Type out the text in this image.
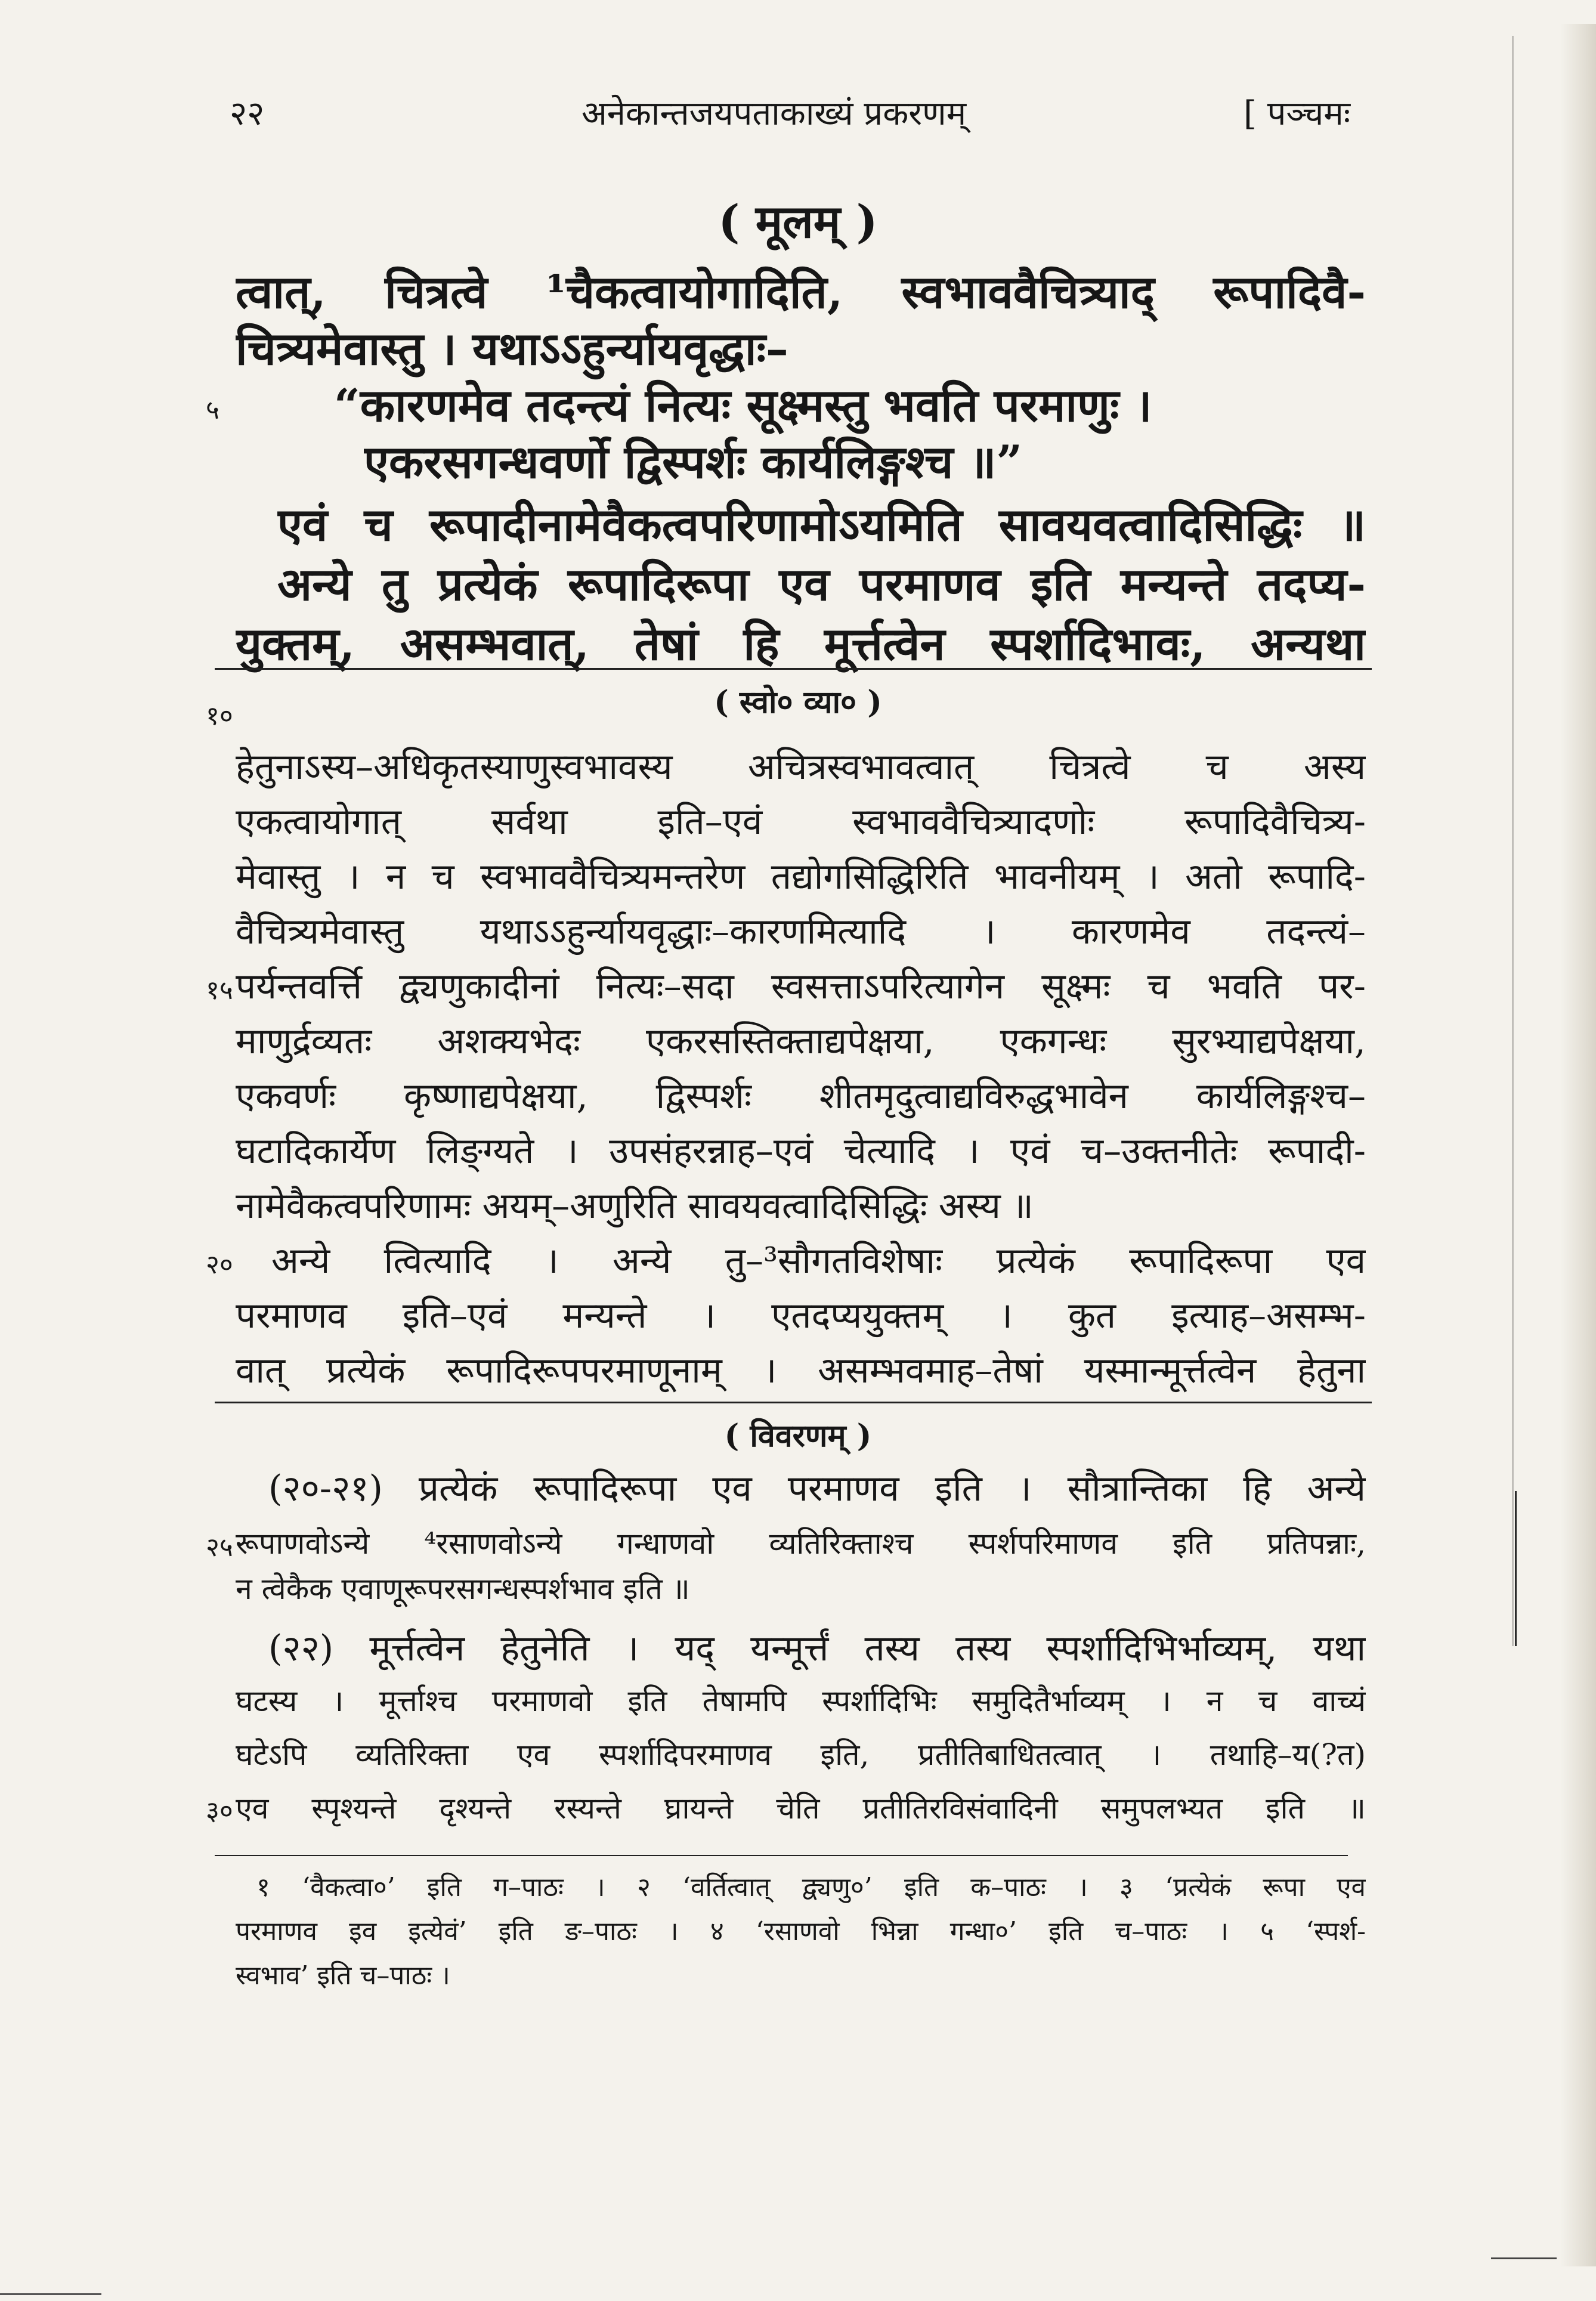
२२	अनेकान्तजयपताकाख्यं प्रकरणम्	[ पञ्चमः
( मूलम् )
त्वात्, चित्रत्वे ¹चैकत्वायोगादिति, स्वभाववैचित्र्याद् रूपादिवै-
चित्र्यमेवास्तु । यथाऽऽहुर्न्यायवृद्धाः–
५	“कारणमेव तदन्त्यं नित्यः सूक्ष्मस्तु भवति परमाणुः ।
एकरसगन्धवर्णो द्विस्पर्शः कार्यलिङ्गश्च ॥”
एवं च रूपादीनामेवैकत्वपरिणामोऽयमिति सावयवत्वादिसिद्धिः ॥
अन्ये तु प्रत्येकं रूपादिरूपा एव परमाणव इति मन्यन्ते तदप्य-
युक्तम्, असम्भवात्, तेषां हि मूर्त्तत्वेन स्पर्शादिभावः, अन्यथा
( स्वो० व्या० )
१०
हेतुनाऽस्य–अधिकृतस्याणुस्वभावस्य अचित्रस्वभावत्वात् चित्रत्वे च अस्य
एकत्वायोगात् सर्वथा इति–एवं स्वभाववैचित्र्यादणोः रूपादिवैचित्र्य-
मेवास्तु । न च स्वभाववैचित्र्यमन्तरेण तद्योगसिद्धिरिति भावनीयम् । अतो रूपादि-
वैचित्र्यमेवास्तु यथाऽऽहुर्न्यायवृद्धाः–कारणमित्यादि । कारणमेव तदन्त्यं–
१५ पर्यन्तवर्त्ति द्व्यणुकादीनां नित्यः–सदा स्वसत्ताऽपरित्यागेन सूक्ष्मः च भवति पर-
माणुर्द्रव्यतः अशक्यभेदः एकरसस्तिक्ताद्यपेक्षया, एकगन्धः सुरभ्याद्यपेक्षया,
एकवर्णः कृष्णाद्यपेक्षया, द्विस्पर्शः शीतमृदुत्वाद्यविरुद्धभावेन कार्यलिङ्गश्च–
घटादिकार्येण लिङ्ग्यते । उपसंहरन्नाह–एवं चेत्यादि । एवं च–उक्तनीतेः रूपादी-
नामेवैकत्वपरिणामः अयम्–अणुरिति सावयवत्वादिसिद्धिः अस्य ॥
२० अन्ये त्वित्यादि । अन्ये तु–³सौगतविशेषाः प्रत्येकं रूपादिरूपा एव
परमाणव इति–एवं मन्यन्ते । एतदप्ययुक्तम् । कुत इत्याह–असम्भ-
वात् प्रत्येकं रूपादिरूपपरमाणूनाम् । असम्भवमाह–तेषां यस्मान्मूर्त्तत्वेन हेतुना
( विवरणम् )
(२०-२१) प्रत्येकं रूपादिरूपा एव परमाणव इति । सौत्रान्तिका हि अन्ये
२५ रूपाणवोऽन्ये ⁴रसाणवोऽन्ये गन्धाणवो व्यतिरिक्ताश्च स्पर्शपरिमाणव इति प्रतिपन्नाः,
न त्वेकैक एवाणूरूपरसगन्धस्पर्शभाव इति ॥
(२२) मूर्त्तत्वेन हेतुनेति । यद् यन्मूर्त्तं तस्य तस्य स्पर्शादिभिर्भाव्यम्, यथा
घटस्य । मूर्त्ताश्च परमाणवो इति तेषामपि स्पर्शादिभिः समुदितैर्भाव्यम् । न च वाच्यं
घटेऽपि व्यतिरिक्ता एव स्पर्शादिपरमाणव इति, प्रतीतिबाधितत्वात् । तथाहि–य(?त)
३० एव स्पृश्यन्ते दृश्यन्ते रस्यन्ते घ्रायन्ते चेति प्रतीतिरविसंवादिनी समुपलभ्यत इति ॥
१ ‘वैकत्वा०’ इति ग–पाठः । २ ‘वर्तित्वात् द्व्यणु०’ इति क–पाठः । ३ ‘प्रत्येकं रूपा एव
परमाणव इव इत्येवं’ इति ङ–पाठः । ४ ‘रसाणवो भिन्ना गन्धा०’ इति च–पाठः । ५ ‘स्पर्श-
स्वभाव’ इति च–पाठः ।
